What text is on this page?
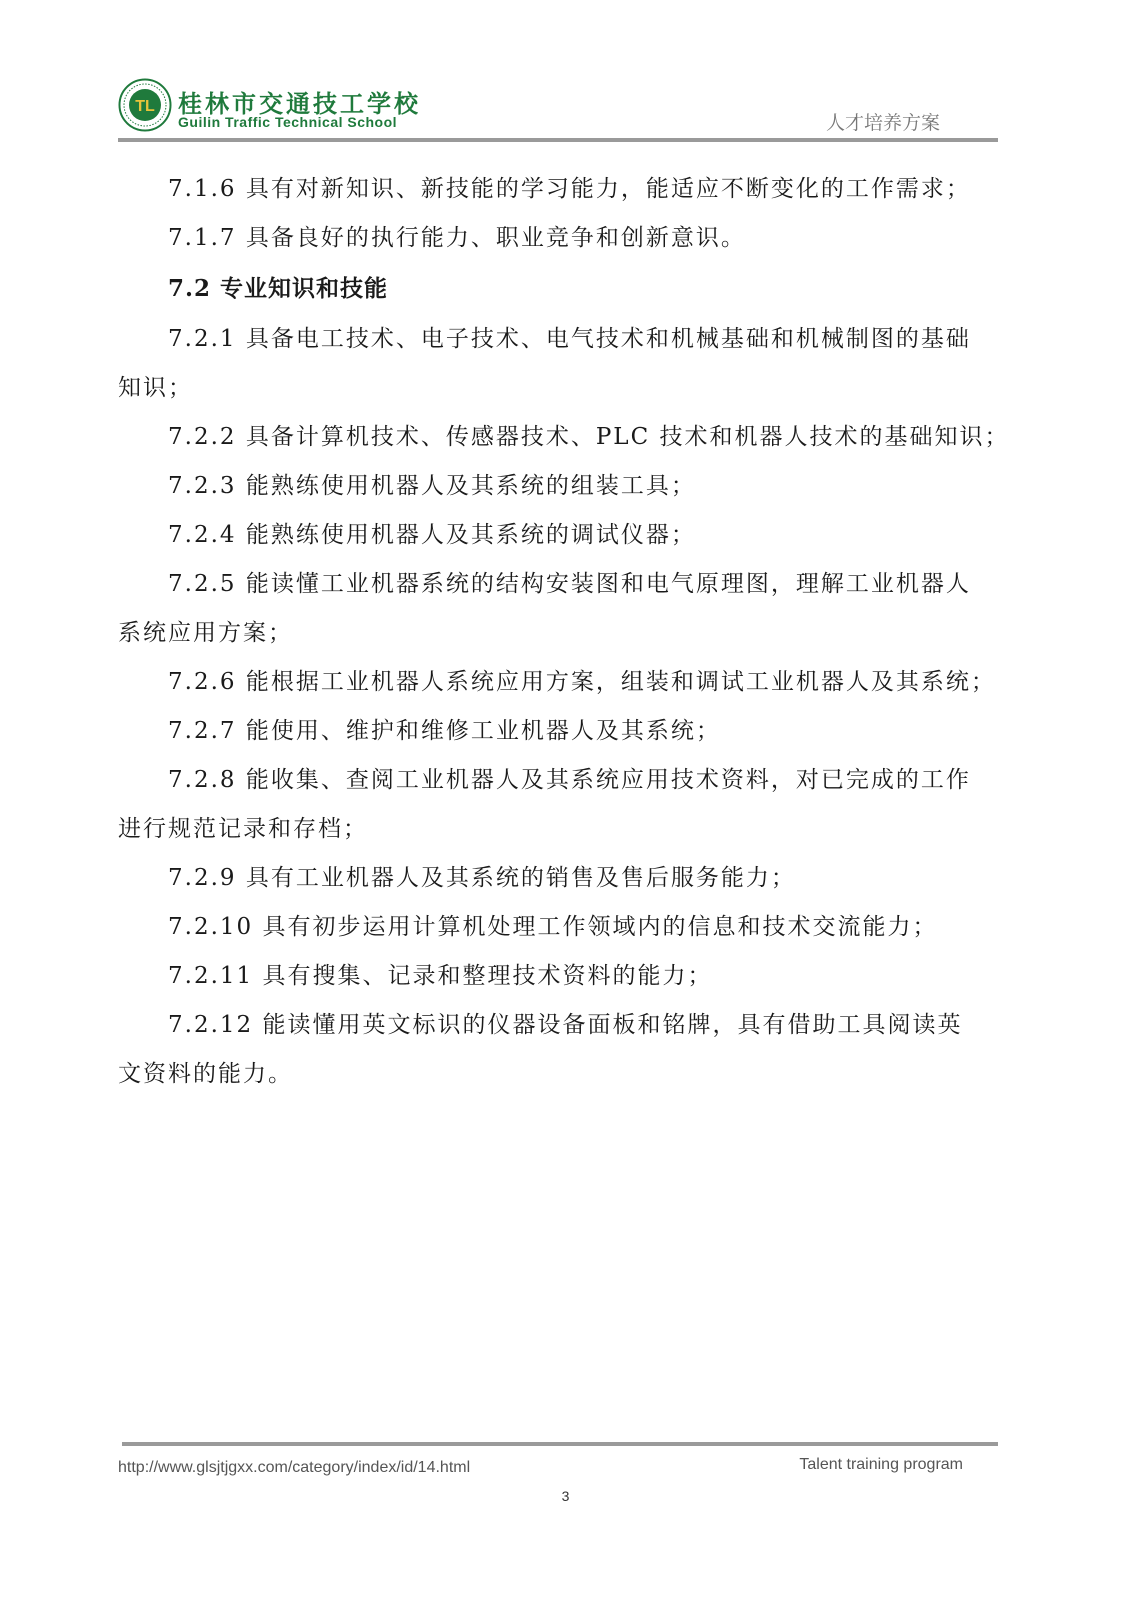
TL 桂林市交通技工学校
Guilin Traffic Technical School	人才培养方案
7.1.6 具有对新知识、新技能的学习能力，能适应不断变化的工作需求；
7.1.7 具备良好的执行能力、职业竞争和创新意识。
7.2 专业知识和技能
7.2.1 具备电工技术、电子技术、电气技术和机械基础和机械制图的基础
知识；
7.2.2 具备计算机技术、传感器技术、PLC 技术和机器人技术的基础知识；
7.2.3 能熟练使用机器人及其系统的组装工具；
7.2.4 能熟练使用机器人及其系统的调试仪器；
7.2.5 能读懂工业机器系统的结构安装图和电气原理图，理解工业机器人
系统应用方案；
7.2.6 能根据工业机器人系统应用方案，组装和调试工业机器人及其系统；
7.2.7 能使用、维护和维修工业机器人及其系统；
7.2.8 能收集、查阅工业机器人及其系统应用技术资料，对已完成的工作
进行规范记录和存档；
7.2.9 具有工业机器人及其系统的销售及售后服务能力；
7.2.10 具有初步运用计算机处理工作领域内的信息和技术交流能力；
7.2.11 具有搜集、记录和整理技术资料的能力；
7.2.12 能读懂用英文标识的仪器设备面板和铭牌，具有借助工具阅读英
文资料的能力。
http://www.glsjtjgxx.com/category/index/id/14.html	Talent training program
3
